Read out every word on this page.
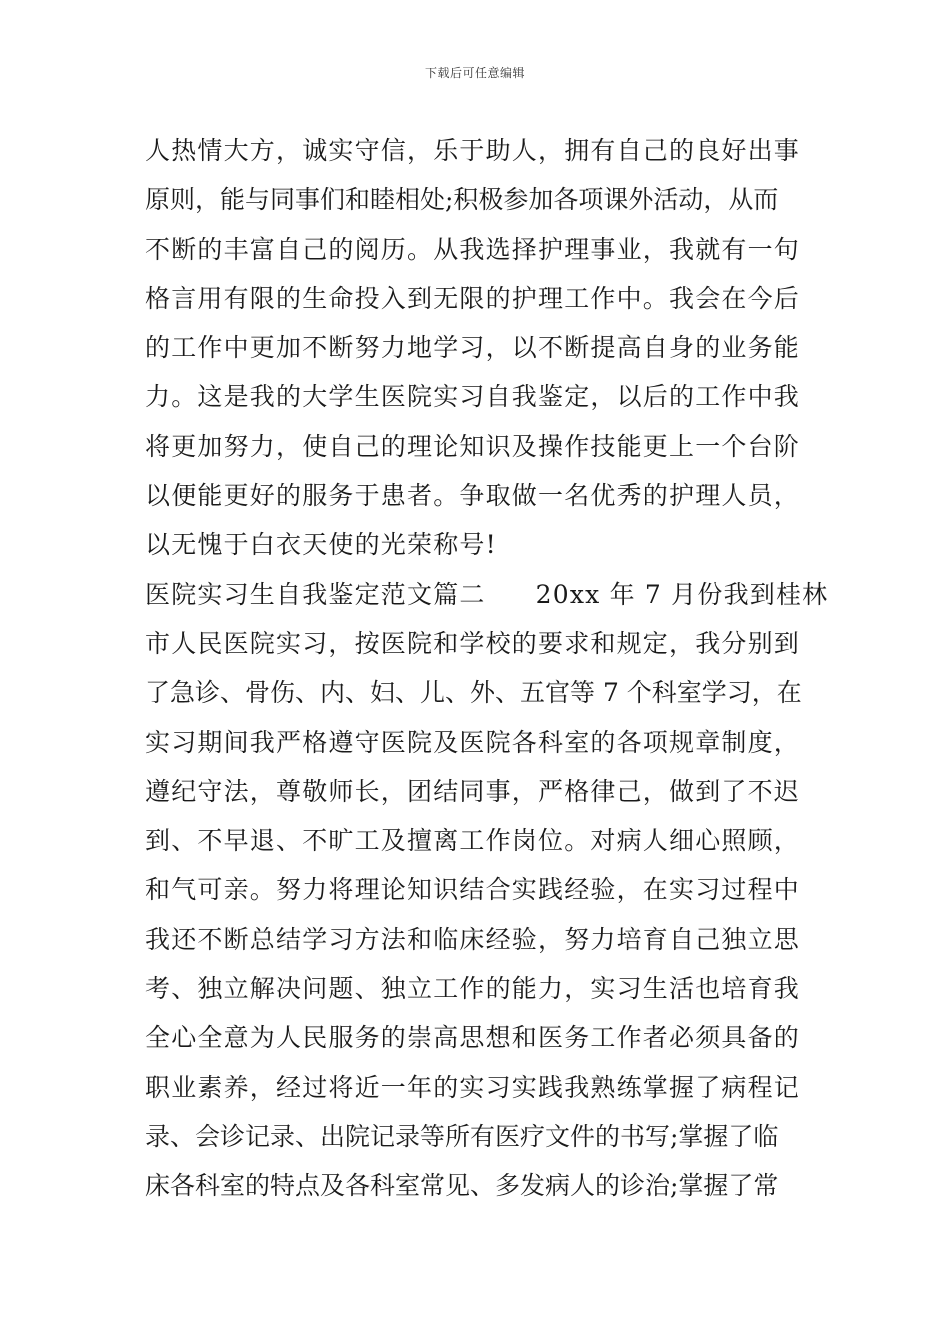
下载后可任意编辑
人热情大方，诚实守信，乐于助人，拥有自己的良好出事
原则，能与同事们和睦相处;积极参加各项课外活动，从而
不断的丰富自己的阅历。从我选择护理事业，我就有一句
格言用有限的生命投入到无限的护理工作中。我会在今后
的工作中更加不断努力地学习，以不断提高自身的业务能
力。这是我的大学生医院实习自我鉴定，以后的工作中我
将更加努力，使自己的理论知识及操作技能更上一个台阶
以便能更好的服务于患者。争取做一名优秀的护理人员，
以无愧于白衣天使的光荣称号!
医院实习生自我鉴定范文篇二 20xx 年 7 月份我到桂林
市人民医院实习，按医院和学校的要求和规定，我分别到
了急诊、骨伤、内、妇、儿、外、五官等 7 个科室学习，在
实习期间我严格遵守医院及医院各科室的各项规章制度，
遵纪守法，尊敬师长，团结同事，严格律己，做到了不迟
到、不早退、不旷工及擅离工作岗位。对病人细心照顾，
和气可亲。努力将理论知识结合实践经验，在实习过程中
我还不断总结学习方法和临床经验，努力培育自己独立思
考、独立解决问题、独立工作的能力，实习生活也培育我
全心全意为人民服务的崇高思想和医务工作者必须具备的
职业素养，经过将近一年的实习实践我熟练掌握了病程记
录、会诊记录、出院记录等所有医疗文件的书写;掌握了临
床各科室的特点及各科室常见、多发病人的诊治;掌握了常
